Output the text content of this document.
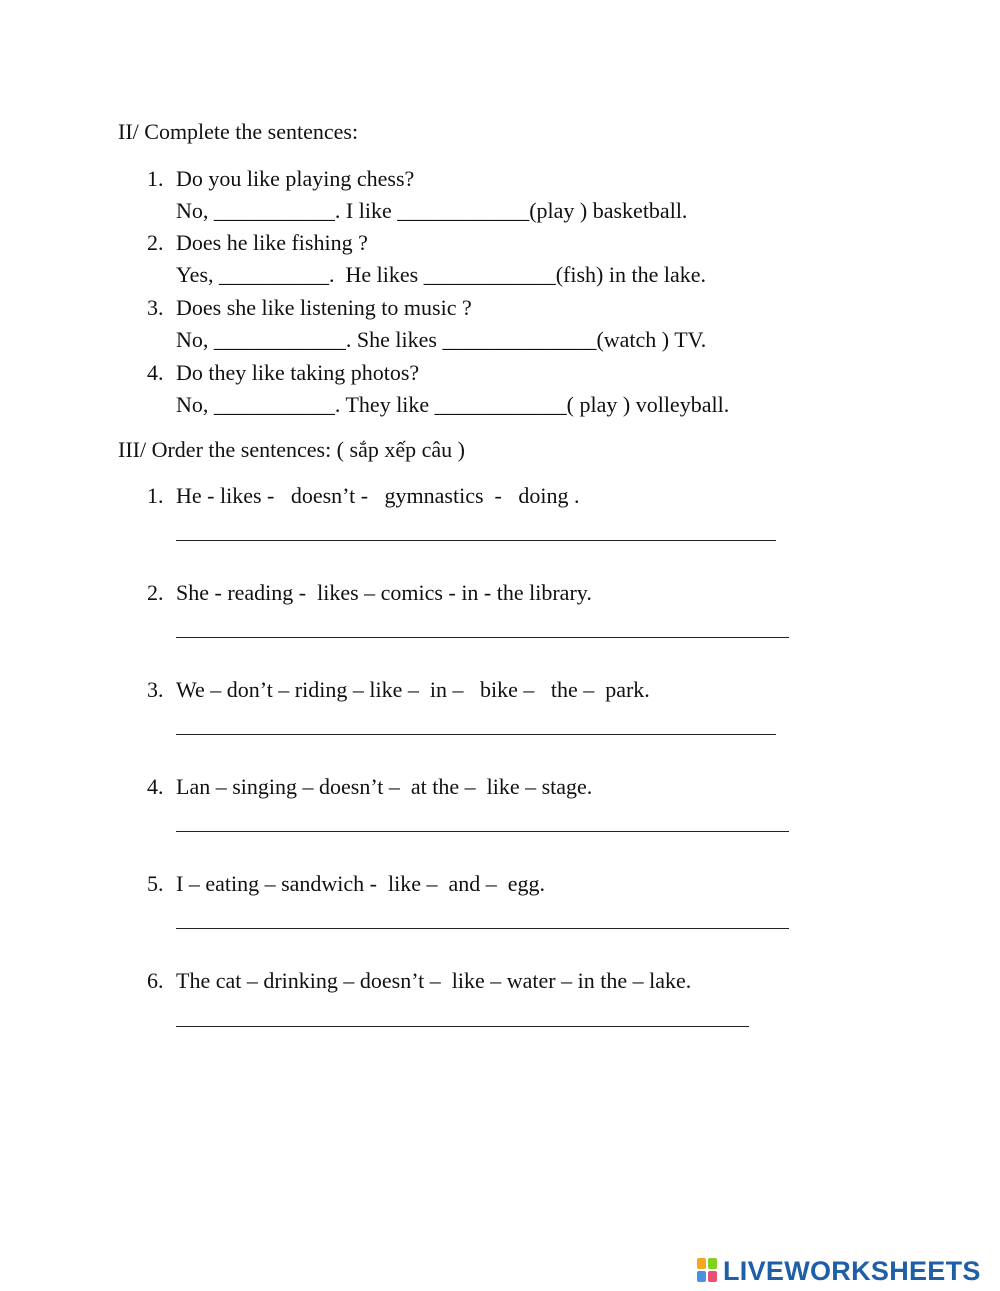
II/ Complete the sentences:
1. Do you like playing chess?
No, ___________. I like ____________(play ) basketball.
2. Does he like fishing ?
Yes, __________.  He likes ____________(fish) in the lake.
3. Does she like listening to music ?
No, ____________. She likes ______________(watch ) TV.
4. Do they like taking photos?
No, ___________. They like ____________( play ) volleyball.
III/ Order the sentences: ( sắp xếp câu )
1. He - likes -   doesn’t -   gymnastics  -   doing .
2. She - reading -  likes – comics - in - the library.
3. We – don’t – riding – like –  in –   bike –   the –  park.
4. Lan – singing – doesn’t –  at the –  like – stage.
5. I – eating – sandwich -  like –  and –  egg.
6. The cat – drinking – doesn’t –  like – water – in the – lake.
LIVEWORKSHEETS
